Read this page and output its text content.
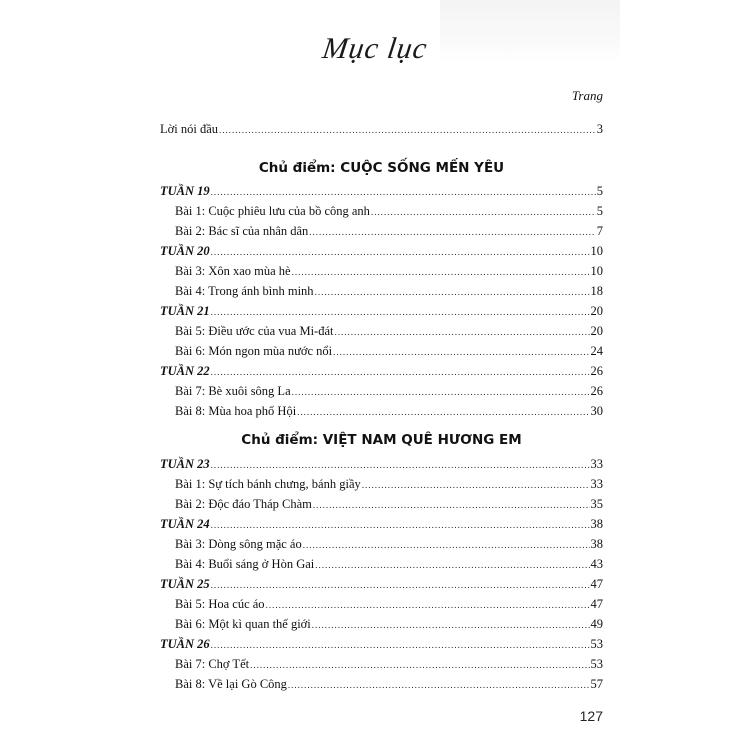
Mục lục
Trang
Lời nói đầu .....	3
Chủ điểm: CUỘC SỐNG MẾN YÊU
TUẦN 19 .....	5
Bài 1: Cuộc phiêu lưu của bồ công anh .....	5
Bài 2: Bác sĩ của nhân dân .....	7
TUẦN 20 .....	10
Bài 3: Xôn xao mùa hè .....	10
Bài 4: Trong ánh bình minh .....	18
TUẦN 21 .....	20
Bài 5: Điều ước của vua Mi-đát .....	20
Bài 6: Món ngon mùa nước nổi .....	24
TUẦN 22 .....	26
Bài 7: Bè xuôi sông La .....	26
Bài 8: Mùa hoa phố Hội .....	30
Chủ điểm: VIỆT NAM QUÊ HƯƠNG EM
TUẦN 23 .....	33
Bài 1: Sự tích bánh chưng, bánh giầy .....	33
Bài 2: Độc đáo Tháp Chàm .....	35
TUẦN 24 .....	38
Bài 3: Dòng sông mặc áo .....	38
Bài 4: Buổi sáng ở Hòn Gai .....	43
TUẦN 25 .....	47
Bài 5: Hoa cúc áo .....	47
Bài 6: Một kì quan thế giới .....	49
TUẦN 26 .....	53
Bài 7: Chợ Tết .....	53
Bài 8: Về lại Gò Công .....	57
127
